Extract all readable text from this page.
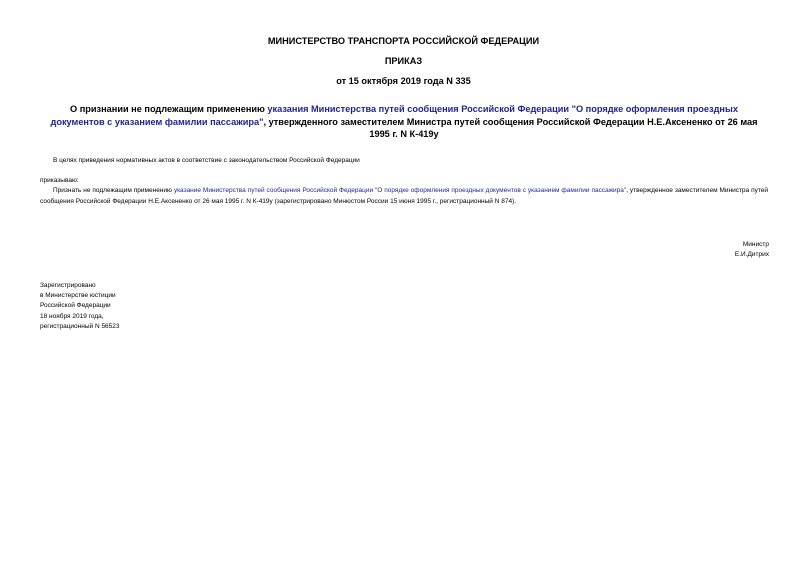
МИНИСТЕРСТВО ТРАНСПОРТА РОССИЙСКОЙ ФЕДЕРАЦИИ
ПРИКАЗ
от 15 октября 2019 года N 335
О признании не подлежащим применению указания Министерства путей сообщения Российской Федерации "О порядке оформления проездных документов с указанием фамилии пассажира", утвержденного заместителем Министра путей сообщения Российской Федерации Н.Е.Аксененко от 26 мая 1995 г. N К-419у
В целях приведения нормативных актов в соответствие с законодательством Российской Федерации
приказываю:
Признать не подлежащим применению указание Министерства путей сообщения Российской Федерации "О порядке оформления проездных документов с указанием фамилии пассажира", утвержденное заместителем Министра путей сообщения Российской Федерации Н.Е.Аксененко от 26 мая 1995 г. N К-419у (зарегистрировано Минюстом России 15 июня 1995 г., регистрационный N 874).
Министр
Е.И.Дитрих
Зарегистрировано
в Министерстве юстиции
Российской Федерации
18 ноября 2019 года,
регистрационный N 56523
